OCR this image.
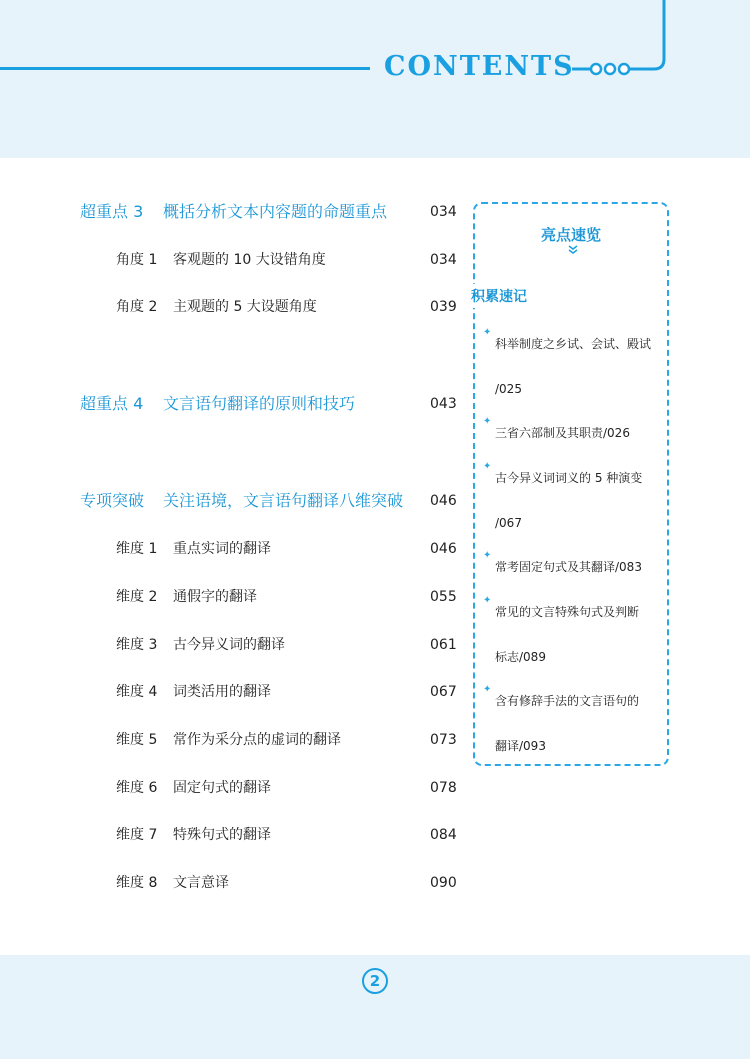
CONTENTS
超重点 3 概括分析文本内容题的命题重点	034
角度 1 客观题的 10 大设错角度	034
角度 2 主观题的 5 大设题角度	039
超重点 4 文言语句翻译的原则和技巧	043
专项突破 关注语境，文言语句翻译八维突破 046
维度 1 重点实词的翻译	046
维度 2 通假字的翻译	055
维度 3 古今异义词的翻译	061
维度 4 词类活用的翻译	067
维度 5 常作为采分点的虚词的翻译	073
维度 6 固定句式的翻译	078
维度 7 特殊句式的翻译	084
维度 8 文言意译	090
亮点速览
积累速记
✦
科举制度之乡试、会试、殿试
/025
✦
三省六部制及其职责/026
✦
古今异义词词义的 5 种演变
/067
✦
常考固定句式及其翻译/083
✦
常见的文言特殊句式及判断
标志/089
✦
含有修辞手法的文言语句的
翻译/093
2
